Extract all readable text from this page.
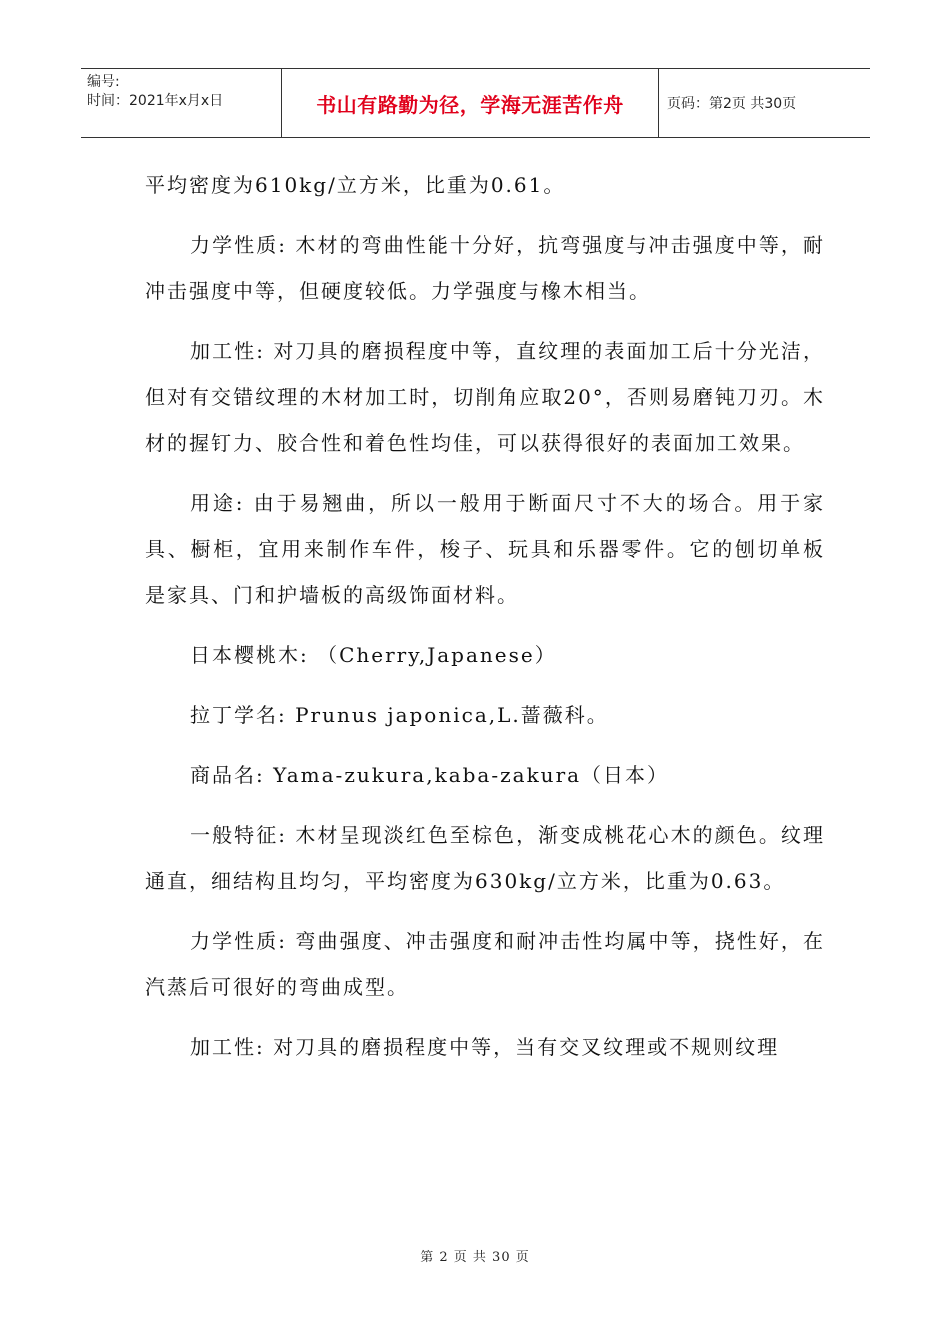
编号:
时间：2021年x月x日	书山有路勤为径，学海无涯苦作舟	页码：第2页 共30页

平均密度为610kg/立方米，比重为0.61。

力学性质: 木材的弯曲性能十分好，抗弯强度与冲击强度中等，耐冲击强度中等，但硬度较低。力学强度与橡木相当。

加工性: 对刀具的磨损程度中等，直纹理的表面加工后十分光洁，但对有交错纹理的木材加工时，切削角应取20°，否则易磨钝刀刃。木材的握钉力、胶合性和着色性均佳，可以获得很好的表面加工效果。

用途: 由于易翘曲，所以一般用于断面尺寸不大的场合。用于家具、橱柜，宜用来制作车件，梭子、玩具和乐器零件。它的刨切单板是家具、门和护墙板的高级饰面材料。

日本樱桃木: （Cherry,Japanese）

拉丁学名: Prunus japonica,L.蔷薇科。

商品名: Yama-zukura,kaba-zakura（日本）

一般特征: 木材呈现淡红色至棕色，渐变成桃花心木的颜色。纹理通直，细结构且均匀，平均密度为630kg/立方米，比重为0.63。

力学性质: 弯曲强度、冲击强度和耐冲击性均属中等，挠性好，在汽蒸后可很好的弯曲成型。

加工性: 对刀具的磨损程度中等，当有交叉纹理或不规则纹理

第 2 页 共 30 页
